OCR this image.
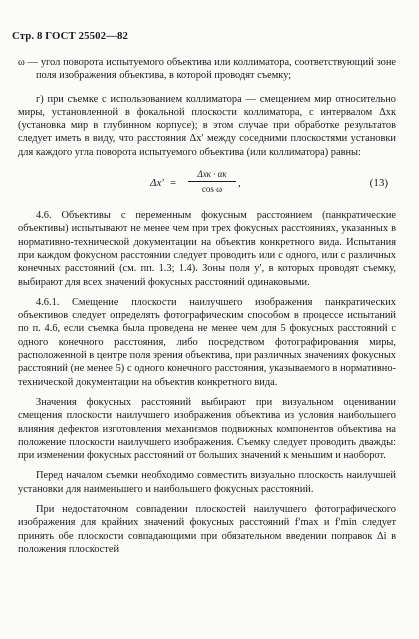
Стр. 8 ГОСТ 25502—82

ω — угол поворота испытуемого объектива или коллиматора, соответствующий зоне поля изображения объектива, в которой проводят съемку;

г) при съемке с использованием коллиматора — смещением мир относительно миры, установленной в фокальной плоскости коллиматора, с интервалом Δxк (установка мир в глубинном корпусе); в этом случае при обработке результатов следует иметь в виду, что расстояния Δx′ между соседними плоскостями установки для каждого угла поворота испытуемого объектива (или коллиматора) равны:

Δx′ =
Δxк · αк
cos ω	,	(13)

4.6. Объективы с переменным фокусным расстоянием (панкратические объективы) испытывают не менее чем при трех фокусных расстояниях, указанных в нормативно-технической документации на объектив конкретного вида. Испытания при каждом фокусном расстоянии следует проводить или с одного, или с различных конечных расстояний (см. пп. 1.3; 1.4). Зоны поля y′, в которых проводят съемку, выбирают для всех значений фокусных расстояний одинаковыми.

4.6.1. Смещение плоскости наилучшего изображения панкратических объективов следует определять фотографическим способом в процессе испытаний по п. 4.6, если съемка была проведена не менее чем для 5 фокусных расстояний с одного конечного расстояния, либо посредством фотографирования миры, расположенной в центре поля зрения объектива, при различных значениях фокусных расстояний (не менее 5) с одного конечного расстояния, указываемого в нормативно-технической документации на объектив конкретного вида.

Значения фокусных расстояний выбирают при визуальном оценивании смещения плоскости наилучшего изображения объектива из условия наибольшего влияния дефектов изготовления механизмов подвижных компонентов объектива на положение плоскости наилучшего изображения. Съемку следует проводить дважды: при изменении фокусных расстояний от больших значений к меньшим и наоборот.

Перед началом съемки необходимо совместить визуально плоскость наилучшей установки для наименьшего и наибольшего фокусных расстояний.

При недостаточном совпадении плоскостей наилучшего фотографического изображения для крайних значений фокусных расстояний f′max и f′min следует принять обе плоскости совпадающими при обязательном введении поправок Δi в положения плоскостей
